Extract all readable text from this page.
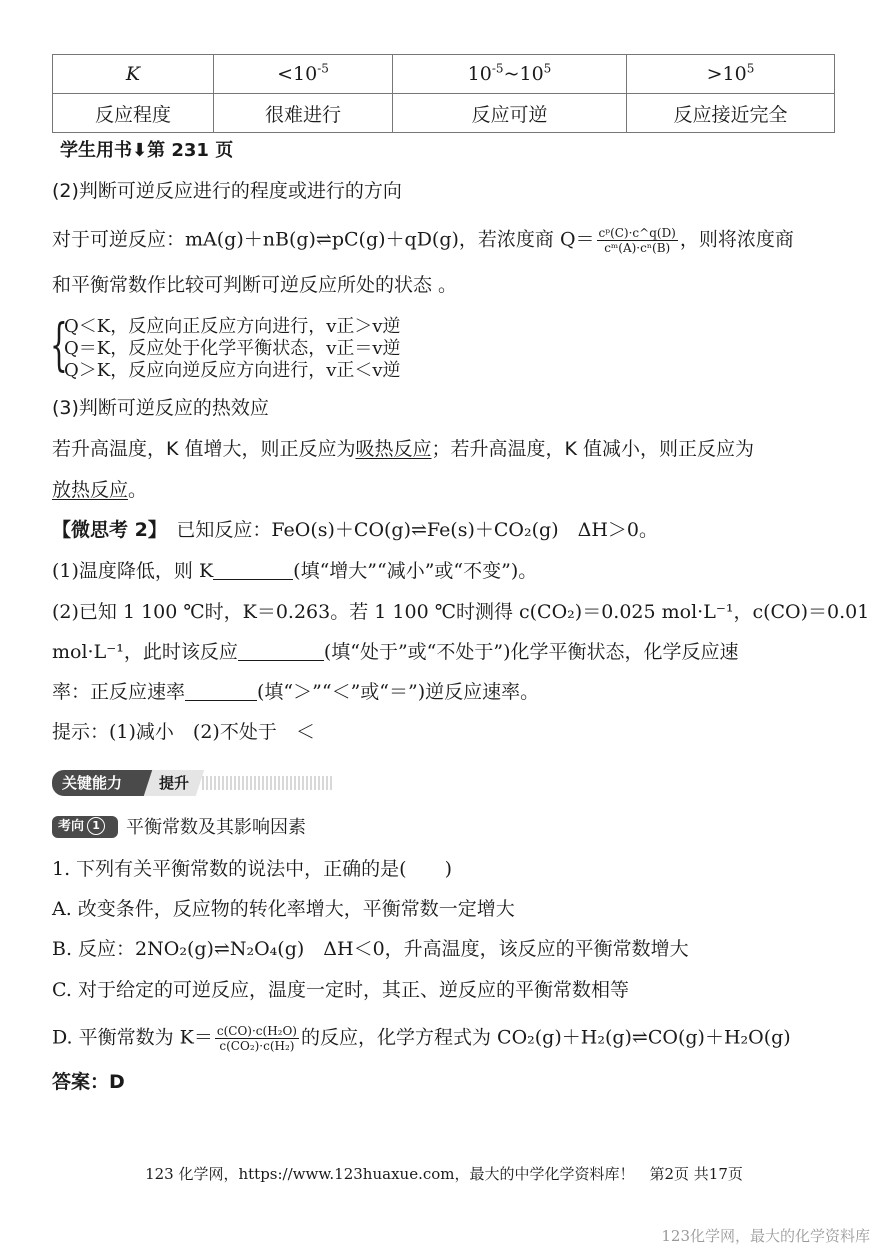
K	$<10^{-5}$	$10^{-5}\sim 10^5$	$>10^5$
反应程度	很难进行	反应可逆	反应接近完全
学生用书⬇第 231 页
(2)判断可逆反应进行的程度或进行的方向
对于可逆反应：mA(g)＋nB(g)⇌pC(g)＋qD(g)，若浓度商 $Q= \frac{\text{cᵖ(C)·c\textasciicircum{}q(D)}}{\text{cᵐ(A)·cⁿ(B)}}$ ，则将浓度商
和平衡常数作比较可判断可逆反应所处的状态 。
{
Q＜K，反应向正反应方向进行，v正＞v逆
Q＝K，反应处于化学平衡状态，v正＝v逆
Q＞K，反应向逆反应方向进行，v正＜v逆
(3)判断可逆反应的热效应
若升高温度，K 值增大，则正反应为吸热反应；若升高温度，K 值减小，则正反应为
放热反应。
【微思考 2】　 已知反应：FeO(s)＋CO(g)⇌Fe(s)＋CO₂(g)　ΔH＞0。
(1)温度降低，则 K	(填“增大”“减小”或“不变”)。
(2)已知 1 100 ℃时，K＝0.263。若 1 100 ℃时测得 c(CO₂)＝0.025 mol·L⁻¹，c(CO)＝0.01
mol·L⁻¹，此时该反应	(填“处于”或“不处于”)化学平衡状态，化学反应速
率：正反应速率	(填“＞”“＜”或“＝”)逆反应速率。
提示：(1)减小　(2)不处于　＜
关键能力	提升
考向 1	平衡常数及其影响因素
1. 下列有关平衡常数的说法中，正确的是(　　)
A. 改变条件，反应物的转化率增大，平衡常数一定增大
B. 反应：2NO₂(g)⇌N₂O₄(g)　ΔH＜0，升高温度，该反应的平衡常数增大
C. 对于给定的可逆反应，温度一定时，其正、逆反应的平衡常数相等
D. 平衡常数为 $K= \frac{\text{c(CO)·c(H₂O)}}{\text{c(CO₂)·c(H₂)}}$ 的反应，化学方程式为 CO₂(g)＋H₂(g)⇌CO(g)＋H₂O(g)
答案：D
123 化学网，https://www.123huaxue.com，最大的中学化学资料库！　第2页 共17页
123化学网，最大的化学资料库
